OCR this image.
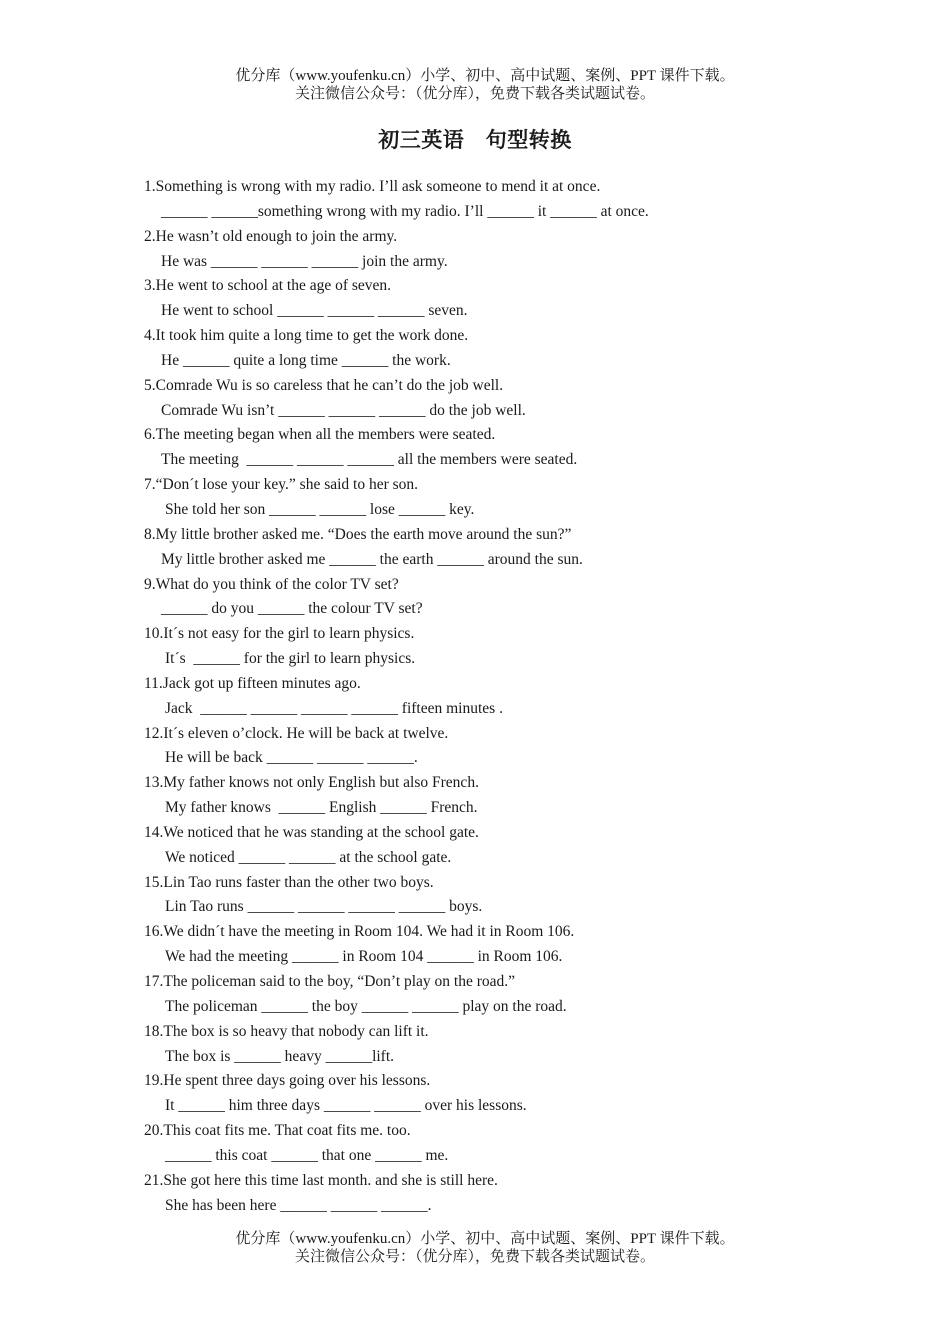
优分库（www.youfenku.cn）小学、初中、高中试题、案例、PPT 课件下载。
关注微信公众号：（优分库），免费下载各类试题试卷。
初三英语　句型转换
1.Something is wrong with my radio. I’ll ask someone to mend it at once.
______ ______something wrong with my radio. I’ll ______ it ______ at once.
2.He wasn’t old enough to join the army.
He was ______ ______ ______ join the army.
3.He went to school at the age of seven.
He went to school ______ ______ ______ seven.
4.It took him quite a long time to get the work done.
He ______ quite a long time ______ the work.
5.Comrade Wu is so careless that he can’t do the job well.
Comrade Wu isn’t ______ ______ ______ do the job well.
6.The meeting began when all the members were seated.
The meeting  ______ ______ ______ all the members were seated.
7.“Don´t lose your key.” she said to her son.
She told her son ______ ______ lose ______ key.
8.My little brother asked me. “Does the earth move around the sun?”
My little brother asked me ______ the earth ______ around the sun.
9.What do you think of the color TV set?
______ do you ______ the colour TV set?
10.It´s not easy for the girl to learn physics.
It´s  ______ for the girl to learn physics.
11.Jack got up fifteen minutes ago.
Jack  ______ ______ ______ ______ fifteen minutes .
12.It´s eleven o’clock. He will be back at twelve.
He will be back ______ ______ ______.
13.My father knows not only English but also French.
My father knows  ______ English ______ French.
14.We noticed that he was standing at the school gate.
We noticed ______ ______ at the school gate.
15.Lin Tao runs faster than the other two boys.
Lin Tao runs ______ ______ ______ ______ boys.
16.We didn´t have the meeting in Room 104. We had it in Room 106.
We had the meeting ______ in Room 104 ______ in Room 106.
17.The policeman said to the boy, “Don’t play on the road.”
The policeman ______ the boy ______ ______ play on the road.
18.The box is so heavy that nobody can lift it.
The box is ______ heavy ______lift.
19.He spent three days going over his lessons.
It ______ him three days ______ ______ over his lessons.
20.This coat fits me. That coat fits me. too.
______ this coat ______ that one ______ me.
21.She got here this time last month. and she is still here.
She has been here ______ ______ ______.
优分库（www.youfenku.cn）小学、初中、高中试题、案例、PPT 课件下载。
关注微信公众号：（优分库），免费下载各类试题试卷。
